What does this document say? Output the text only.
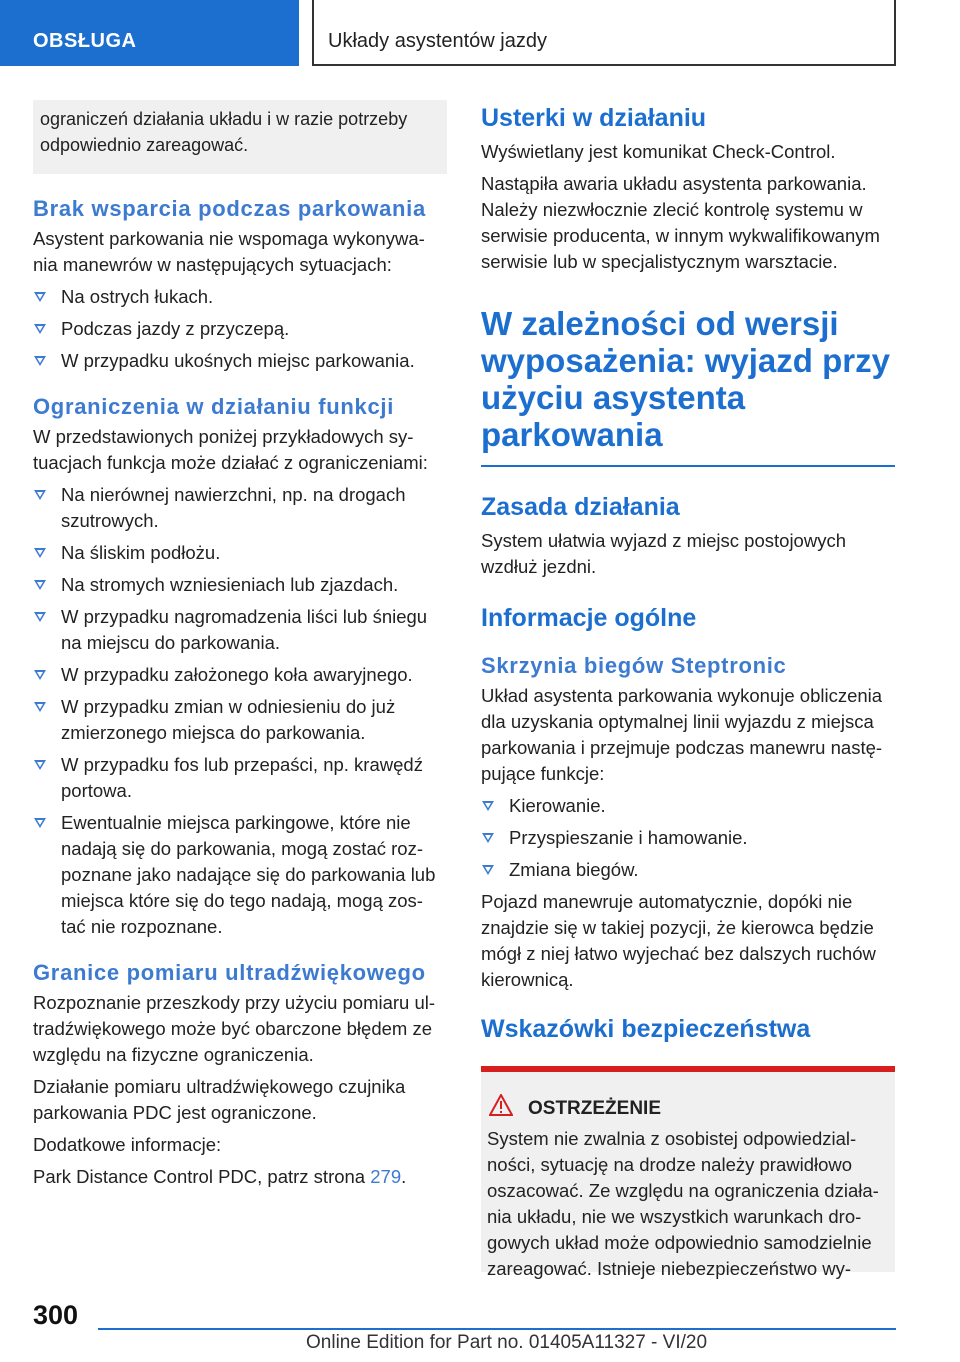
OBSŁUGA	Układy asystentów jazdy
ograniczeń działania układu i w razie potrzeby odpowiednio zareagować.
Brak wsparcia podczas parkowania

Asystent parkowania nie wspomaga wykonywa‐nia manewrów w następujących sytuacjach:

Na ostrych łukach.
Podczas jazdy z przyczepą.
W przypadku ukośnych miejsc parkowania.
Ograniczenia w działaniu funkcji

W przedstawionych poniżej przykładowych sy‐tuacjach funkcja może działać z ograniczeniami:

Na nierównej nawierzchni, np. na drogach szutrowych.
Na śliskim podłożu.
Na stromych wzniesieniach lub zjazdach.
W przypadku nagromadzenia liści lub śniegu na miejscu do parkowania.
W przypadku założonego koła awaryjnego.
W przypadku zmian w odniesieniu do już zmierzonego miejsca do parkowania.
W przypadku fos lub przepaści, np. krawędź portowa.
Ewentualnie miejsca parkingowe, które nie nadają się do parkowania, mogą zostać roz‐poznane jako nadające się do parkowania lub miejsca które się do tego nadają, mogą zos‐tać nie rozpoznane.
Granice pomiaru ultradźwiękowego

Rozpoznanie przeszkody przy użyciu pomiaru ul‐tradźwiękowego może być obarczone błędem ze względu na fizyczne ograniczenia.

Działanie pomiaru ultradźwiękowego czujnika parkowania PDC jest ograniczone.

Dodatkowe informacje:

Park Distance Control PDC, patrz strona 279.

Usterki w działaniu

Wyświetlany jest komunikat Check-Control.

Nastąpiła awaria układu asystenta parkowania. Należy niezwłocznie zlecić kontrolę systemu w serwisie producenta, w innym wykwalifikowanym serwisie lub w specjalistycznym warsztacie.

W zależności od wersji wyposażenia: wyjazd przy użyciu asystenta parkowania
Zasada działania

System ułatwia wyjazd z miejsc postojowych wzdłuż jezdni.

Informacje ogólne
Skrzynia biegów Steptronic

Układ asystenta parkowania wykonuje obliczenia dla uzyskania optymalnej linii wyjazdu z miejsca parkowania i przejmuje podczas manewru nastę‐pujące funkcje:

Kierowanie.
Przyspieszanie i hamowanie.
Zmiana biegów.

Pojazd manewruje automatycznie, dopóki nie znajdzie się w takiej pozycji, że kierowca będzie mógł z niej łatwo wyjechać bez dalszych ruchów kierownicą.

Wskazówki bezpieczeństwa
OSTRZEŻENIE
System nie zwalnia z osobistej odpowiedzial‐ności, sytuację na drodze należy prawidłowo oszacować. Ze względu na ograniczenia działa‐nia układu, nie we wszystkich warunkach dro‐gowych układ może odpowiednio samodzielnie zareagować. Istnieje niebezpieczeństwo wy‐
300
Online Edition for Part no. 01405A11327 - VI/20
